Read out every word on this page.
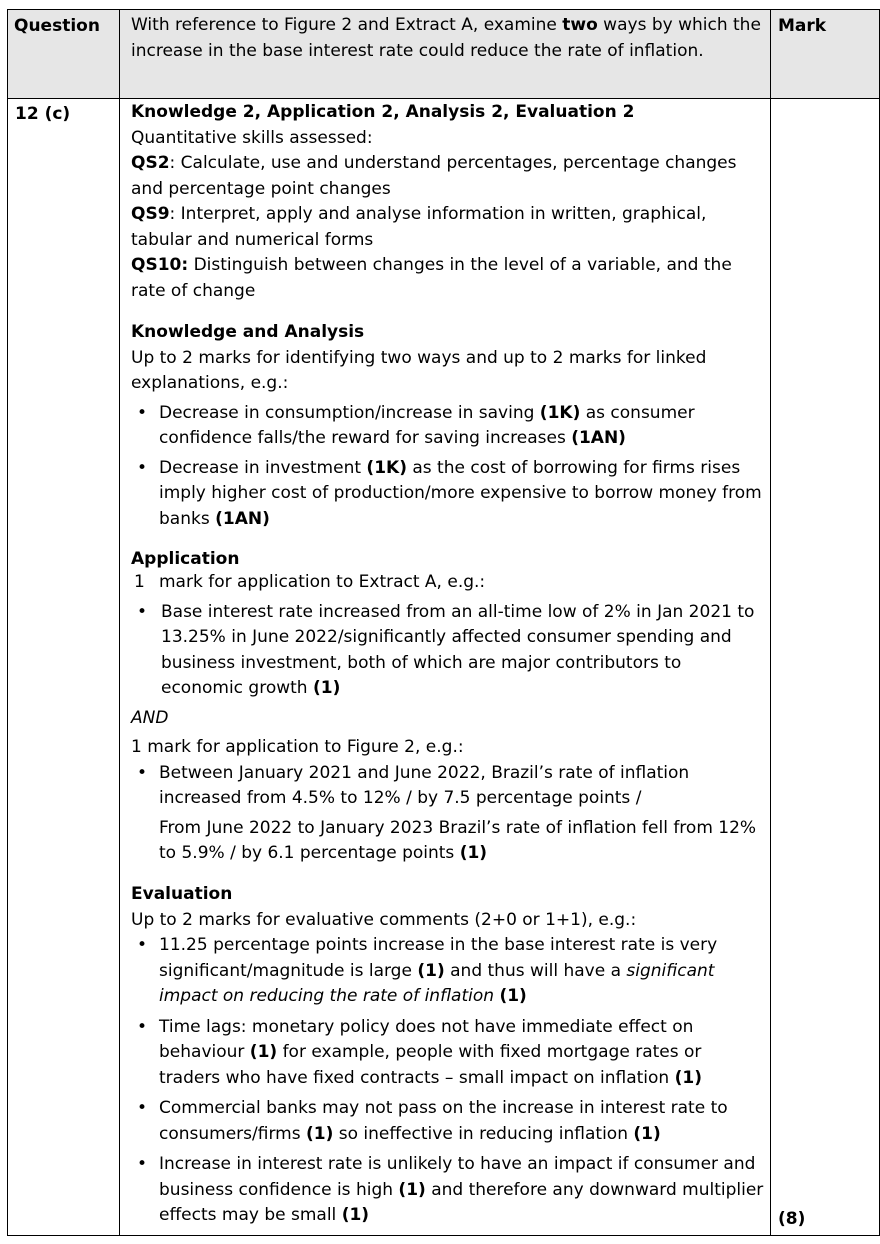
Question	With reference to Figure 2 and Extract A, examine two ways by which the increase in the base interest rate could reduce the rate of inflation.	Mark
12 (c)	Knowledge 2, Application 2, Analysis 2, Evaluation 2
Quantitative skills assessed:
QS2: Calculate, use and understand percentages, percentage changes and percentage point changes
QS9: Interpret, apply and analyse information in written, graphical, tabular and numerical forms
QS10: Distinguish between changes in the level of a variable, and the rate of change
Knowledge and Analysis
Up to 2 marks for identifying two ways and up to 2 marks for linked explanations, e.g.:
• Decrease in consumption/increase in saving (1K) as consumer confidence falls/the reward for saving increases (1AN)
• Decrease in investment (1K) as the cost of borrowing for firms rises imply higher cost of production/more expensive to borrow money from banks (1AN)
Application
1 mark for application to Extract A, e.g.:
• Base interest rate increased from an all-time low of 2% in Jan 2021 to 13.25% in June 2022/significantly affected consumer spending and business investment, both of which are major contributors to economic growth (1)
AND
1 mark for application to Figure 2, e.g.:
• Between January 2021 and June 2022, Brazil’s rate of inflation increased from 4.5% to 12% / by 7.5 percentage points /
From June 2022 to January 2023 Brazil’s rate of inflation fell from 12% to 5.9% / by 6.1 percentage points (1)
Evaluation
Up to 2 marks for evaluative comments (2+0 or 1+1), e.g.:
• 11.25 percentage points increase in the base interest rate is very significant/magnitude is large (1) and thus will have a significant impact on reducing the rate of inflation (1)
• Time lags: monetary policy does not have immediate effect on behaviour (1) for example, people with fixed mortgage rates or traders who have fixed contracts – small impact on inflation (1)
• Commercial banks may not pass on the increase in interest rate to consumers/firms (1) so ineffective in reducing inflation (1)
• Increase in interest rate is unlikely to have an impact if consumer and business confidence is high (1) and therefore any downward multiplier effects may be small (1)	(8)
